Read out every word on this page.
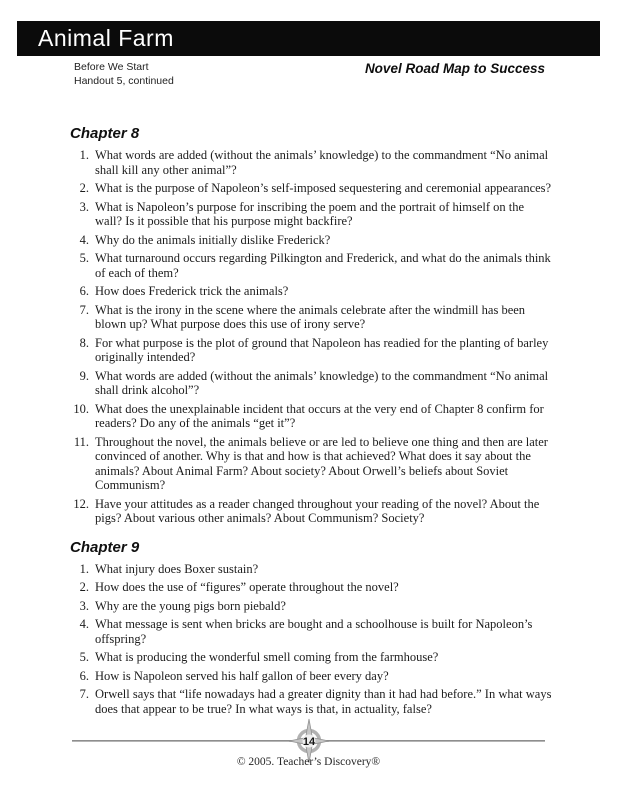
Animal Farm
Before We Start
Handout 5, continued
Novel Road Map to Success
Chapter 8
1. What words are added (without the animals’ knowledge) to the commandment “No animal shall kill any other animal”?
2. What is the purpose of Napoleon’s self-imposed sequestering and ceremonial appearances?
3. What is Napoleon’s purpose for inscribing the poem and the portrait of himself on the wall? Is it possible that his purpose might backfire?
4. Why do the animals initially dislike Frederick?
5. What turnaround occurs regarding Pilkington and Frederick, and what do the animals think of each of them?
6. How does Frederick trick the animals?
7. What is the irony in the scene where the animals celebrate after the windmill has been blown up? What purpose does this use of irony serve?
8. For what purpose is the plot of ground that Napoleon has readied for the planting of barley originally intended?
9. What words are added (without the animals’ knowledge) to the commandment “No animal shall drink alcohol”?
10. What does the unexplainable incident that occurs at the very end of Chapter 8 confirm for readers? Do any of the animals “get it”?
11. Throughout the novel, the animals believe or are led to believe one thing and then are later convinced of another. Why is that and how is that achieved? What does it say about the animals? About Animal Farm? About society? About Orwell’s beliefs about Soviet Communism?
12. Have your attitudes as a reader changed throughout your reading of the novel? About the pigs? About various other animals? About Communism? Society?
Chapter 9
1. What injury does Boxer sustain?
2. How does the use of “figures” operate throughout the novel?
3. Why are the young pigs born piebald?
4. What message is sent when bricks are bought and a schoolhouse is built for Napoleon’s offspring?
5. What is producing the wonderful smell coming from the farmhouse?
6. How is Napoleon served his half gallon of beer every day?
7. Orwell says that “life nowadays had a greater dignity than it had had before.” In what ways does that appear to be true? In what ways is that, in actuality, false?
14
© 2005. Teacher’s Discovery®
